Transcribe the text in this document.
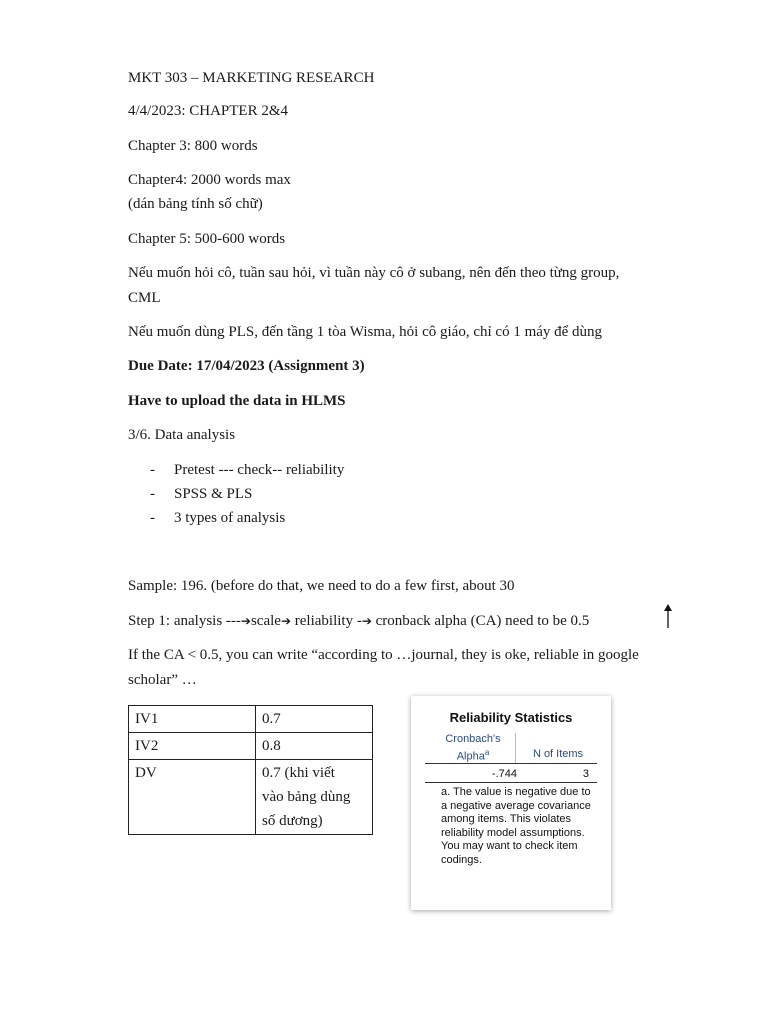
MKT 303 – MARKETING RESEARCH
4/4/2023: CHAPTER 2&4
Chapter 3: 800 words
Chapter4: 2000 words max
(dán bảng tính số chữ)
Chapter 5: 500-600 words
Nếu muốn hỏi cô, tuần sau hỏi, vì tuần này cô ở subang, nên đến theo từng group,
CML
Nếu muốn dùng PLS, đến tầng 1 tòa Wisma, hỏi cô giáo, chỉ có 1 máy để dùng
Due Date: 17/04/2023 (Assignment 3)
Have to upload the data in HLMS
3/6. Data analysis
- Pretest --- check-- reliability
- SPSS & PLS
- 3 types of analysis
Sample: 196. (before do that, we need to do a few first, about 30
Step 1: analysis ---➔scale➔ reliability -➔ cronback alpha (CA) need to be 0.5
If the CA < 0.5, you can write “according to …journal, they is oke, reliable in google
scholar” …
IV1	0.7
IV2	0.8
DV	0.7 (khi viết
vào bảng dùng
số dương)
Reliability Statistics
Cronbach's
Alpha$^a$	N of Items
-.744	3
a. The value is negative due to a negative average covariance among items. This violates reliability model assumptions. You may want to check item codings.
